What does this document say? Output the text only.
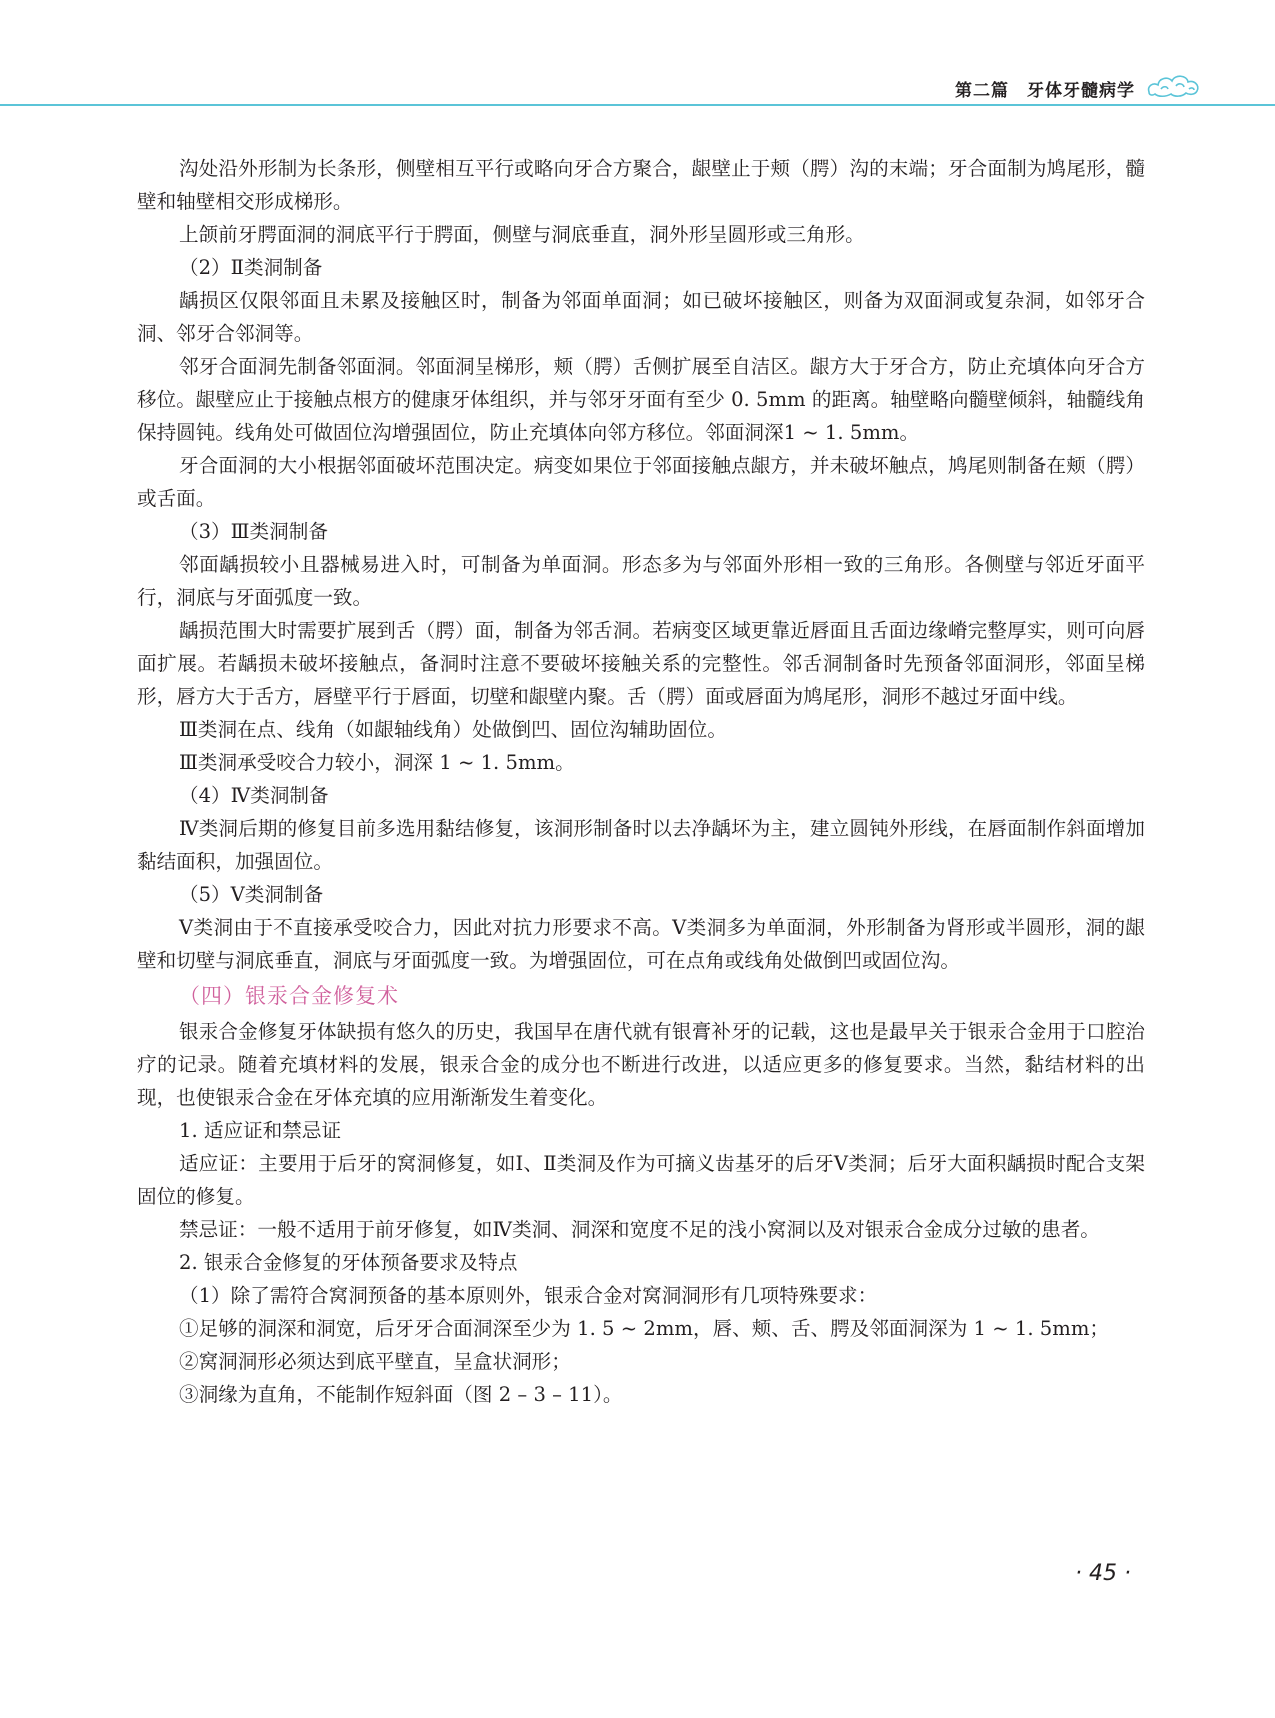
第二篇 牙体牙髓病学

沟处沿外形制为长条形，侧壁相互平行或略向牙合方聚合，龈壁止于颊（腭）沟的末端；牙合面制为鸠尾形，髓壁和轴壁相交形成梯形。

上颌前牙腭面洞的洞底平行于腭面，侧壁与洞底垂直，洞外形呈圆形或三角形。

（2）Ⅱ类洞制备

龋损区仅限邻面且未累及接触区时，制备为邻面单面洞；如已破坏接触区，则备为双面洞或复杂洞，如邻牙合洞、邻牙合邻洞等。

邻牙合面洞先制备邻面洞。邻面洞呈梯形，颊（腭）舌侧扩展至自洁区。龈方大于牙合方，防止充填体向牙合方移位。龈壁应止于接触点根方的健康牙体组织，并与邻牙牙面有至少 0. 5mm 的距离。轴壁略向髓壁倾斜，轴髓线角保持圆钝。线角处可做固位沟增强固位，防止充填体向邻方移位。邻面洞深1 ~ 1. 5mm。

牙合面洞的大小根据邻面破坏范围决定。病变如果位于邻面接触点龈方，并未破坏触点，鸠尾则制备在颊（腭）或舌面。

（3）Ⅲ类洞制备

邻面龋损较小且器械易进入时，可制备为单面洞。形态多为与邻面外形相一致的三角形。各侧壁与邻近牙面平行，洞底与牙面弧度一致。

龋损范围大时需要扩展到舌（腭）面，制备为邻舌洞。若病变区域更靠近唇面且舌面边缘嵴完整厚实，则可向唇面扩展。若龋损未破坏接触点，备洞时注意不要破坏接触关系的完整性。邻舌洞制备时先预备邻面洞形，邻面呈梯形，唇方大于舌方，唇壁平行于唇面，切壁和龈壁内聚。舌（腭）面或唇面为鸠尾形，洞形不越过牙面中线。

Ⅲ类洞在点、线角（如龈轴线角）处做倒凹、固位沟辅助固位。

Ⅲ类洞承受咬合力较小，洞深 1 ~ 1. 5mm。

（4）Ⅳ类洞制备

Ⅳ类洞后期的修复目前多选用黏结修复，该洞形制备时以去净龋坏为主，建立圆钝外形线，在唇面制作斜面增加黏结面积，加强固位。

（5）Ⅴ类洞制备

Ⅴ类洞由于不直接承受咬合力，因此对抗力形要求不高。Ⅴ类洞多为单面洞，外形制备为肾形或半圆形，洞的龈壁和切壁与洞底垂直，洞底与牙面弧度一致。为增强固位，可在点角或线角处做倒凹或固位沟。

（四）银汞合金修复术

银汞合金修复牙体缺损有悠久的历史，我国早在唐代就有银膏补牙的记载，这也是最早关于银汞合金用于口腔治疗的记录。随着充填材料的发展，银汞合金的成分也不断进行改进，以适应更多的修复要求。当然，黏结材料的出现，也使银汞合金在牙体充填的应用渐渐发生着变化。

1. 适应证和禁忌证

适应证：主要用于后牙的窝洞修复，如Ⅰ、Ⅱ类洞及作为可摘义齿基牙的后牙Ⅴ类洞；后牙大面积龋损时配合支架固位的修复。

禁忌证：一般不适用于前牙修复，如Ⅳ类洞、洞深和宽度不足的浅小窝洞以及对银汞合金成分过敏的患者。

2. 银汞合金修复的牙体预备要求及特点

（1）除了需符合窝洞预备的基本原则外，银汞合金对窝洞洞形有几项特殊要求：

①足够的洞深和洞宽，后牙牙合面洞深至少为 1. 5 ~ 2mm，唇、颊、舌、腭及邻面洞深为 1 ~ 1. 5mm；

②窝洞洞形必须达到底平壁直，呈盒状洞形；

③洞缘为直角，不能制作短斜面（图 2 – 3 – 11）。

· 45 ·
